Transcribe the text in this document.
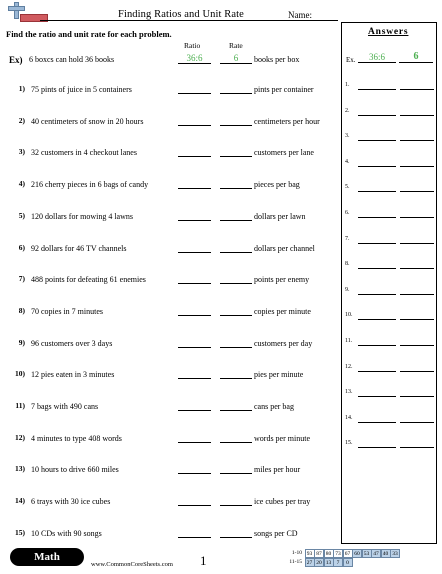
Finding Ratios and Unit Rate	Name:
Find the ratio and unit rate for each problem.
Ratio	Rate
Ex) 6 boxcs can hold 36 books	36:6	6	books per box
1) 75 pints of juice in 5 containers	pints per container
2) 40 centimeters of snow in 20 hours	centimeters per hour
3) 32 customers in 4 checkout lanes	customers per lane
4) 216 cherry pieces in 6 bags of candy	pieces per bag
5) 120 dollars for mowing 4 lawns	dollars per lawn
6) 92 dollars for 46 TV channels	dollars per channel
7) 488 points for defeating 61 enemies	points per enemy
8) 70 copies in 7 minutes	copies per minute
9) 96 customers over 3 days	customers per day
10) 12 pies eaten in 3 minutes	pies per minute
11) 7 bags with 490 cans	cans per bag
12) 4 minutes to type 408 words	words per minute
13) 10 hours to drive 660 miles	miles per hour
14) 6 trays with 30 ice cubes	ice cubes per tray
15) 10 CDs with 90 songs	songs per CD
Answers
Ex.	36:6	6
1.
2.
3.
4.
5.
6.
7.
8.
9.
10.
11.
12.
13.
14.
15.
Math
www.CommonCoreSheets.com 1	1-10 93 87 80 73 67 60 53 47 40 33
11-15 27 20 13 7	0
